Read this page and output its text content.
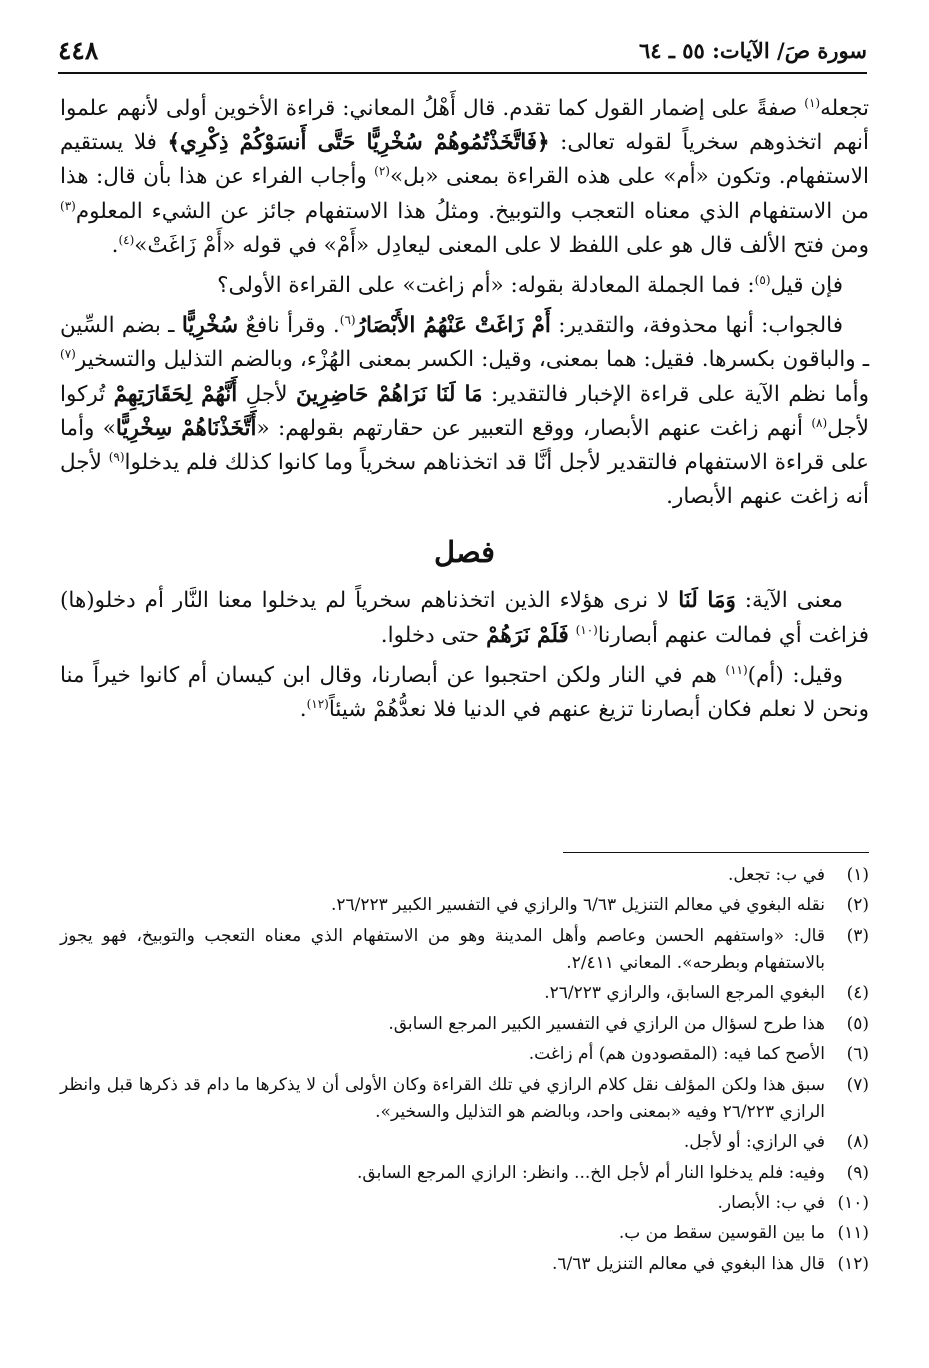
سورة صَ/ الآيات: ٥٥ ـ ٦٤
٤٤٨

تجعله$^{(١)}$ صفةً على إضمار القول كما تقدم. قال أَهْلُ المعاني: قراءة الأخوين أولى لأنهم علموا أنهم اتخذوهم سخرياً لقوله تعالى: ﴿فَاتَّخَذْتُمُوهُمْ سُخْرِيًّا حَتَّى أَنسَوْكُمْ ذِكْرِي﴾ فلا يستقيم الاستفهام. وتكون «أم» على هذه القراءة بمعنى «بل»$^{(٢)}$ وأجاب الفراء عن هذا بأن قال: هذا من الاستفهام الذي معناه التعجب والتوبيخ. ومثلُ هذا الاستفهام جائز عن الشيء المعلوم$^{(٣)}$ ومن فتح الألف قال هو على اللفظ لا على المعنى ليعادِل «أَمْ» في قوله «أَمْ زَاغَتْ»$^{(٤)}$.

فإن قيل$^{(٥)}$: فما الجملة المعادلة بقوله: «أم زاغت» على القراءة الأولى؟

فالجواب: أنها محذوفة، والتقدير: أَمْ زَاغَتْ عَنْهُمُ الأَبْصَارُ$^{(٦)}$. وقرأ نافعٌ سُخْرِيًّا ـ بضم السِّين ـ والباقون بكسرها. فقيل: هما بمعنى، وقيل: الكسر بمعنى الهُزْء، وبالضم التذليل والتسخير$^{(٧)}$ وأما نظم الآية على قراءة الإخبار فالتقدير: مَا لَنَا نَرَاهُمْ حَاضِرِينَ لأجلِ أَنَّهُمْ لِحَقَارَتِهِمْ تُركوا لأجل$^{(٨)}$ أنهم زاغت عنهم الأبصار، ووقع التعبير عن حقارتهم بقولهم: «أَتَّخَذْنَاهُمْ سِخْرِيًّا» وأما على قراءة الاستفهام فالتقدير لأجل أنَّا قد اتخذناهم سخرياً وما كانوا كذلك فلم يدخلوا$^{(٩)}$ لأجل أنه زاغت عنهم الأبصار.

فصل

معنى الآية: وَمَا لَنَا لا نرى هؤلاء الذين اتخذناهم سخرياً لم يدخلوا معنا النَّار أم دخلو(ها) فزاغت أي فمالت عنهم أبصارنا$^{(١٠)}$ فَلَمْ نَرَهُمْ حتى دخلوا.

وقيل: (أم)$^{(١١)}$ هم في النار ولكن احتجبوا عن أبصارنا، وقال ابن كيسان أم كانوا خيراً منا ونحن لا نعلم فكان أبصارنا تزيغ عنهم في الدنيا فلا نعدُّهُمْ شيئاً$^{(١٢)}$.

(١)
في ب: تجعل.
(٢)
نقله البغوي في معالم التنزيل ٦/٦٣ والرازي في التفسير الكبير ٢٦/٢٢٣.
(٣)
قال: «واستفهم الحسن وعاصم وأهل المدينة وهو من الاستفهام الذي معناه التعجب والتوبيخ، فهو يجوز بالاستفهام وبطرحه». المعاني ٢/٤١١.
(٤)
البغوي المرجع السابق، والرازي ٢٦/٢٢٣.
(٥)
هذا طرح لسؤال من الرازي في التفسير الكبير المرجع السابق.
(٦)
الأصح كما فيه: (المقصودون هم) أم زاغت.
(٧)
سبق هذا ولكن المؤلف نقل كلام الرازي في تلك القراءة وكان الأولى أن لا يذكرها ما دام قد ذكرها قبل وانظر الرازي ٢٦/٢٢٣ وفيه «بمعنى واحد، وبالضم هو التذليل والسخير».
(٨)
في الرازي: أو لأجل.
(٩)
وفيه: فلم يدخلوا النار أم لأجل الخ... وانظر: الرازي المرجع السابق.
(١٠)
في ب: الأبصار.
(١١)
ما بين القوسين سقط من ب.
(١٢)
قال هذا البغوي في معالم التنزيل ٦/٦٣.
